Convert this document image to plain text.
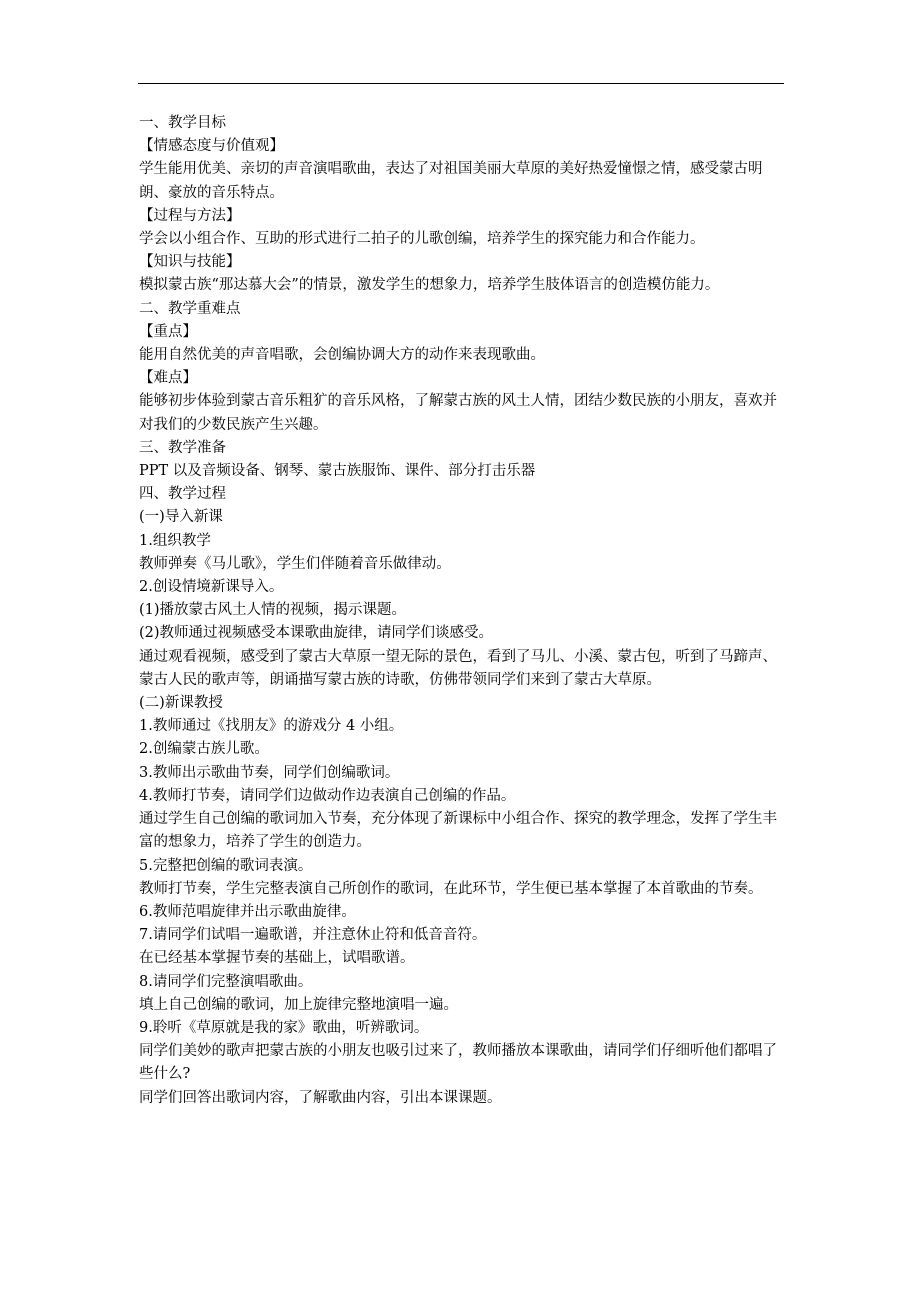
一、教学目标

【情感态度与价值观】

学生能用优美、亲切的声音演唱歌曲，表达了对祖国美丽大草原的美好热爱憧憬之情，感受蒙古明朗、豪放的音乐特点。

【过程与方法】

学会以小组合作、互助的形式进行二拍子的儿歌创编，培养学生的探究能力和合作能力。

【知识与技能】

模拟蒙古族“那达慕大会”的情景，激发学生的想象力，培养学生肢体语言的创造模仿能力。

二、教学重难点

【重点】

能用自然优美的声音唱歌，会创编协调大方的动作来表现歌曲。

【难点】

能够初步体验到蒙古音乐粗犷的音乐风格，了解蒙古族的风土人情，团结少数民族的小朋友，喜欢并对我们的少数民族产生兴趣。

三、教学准备

PPT 以及音频设备、钢琴、蒙古族服饰、课件、部分打击乐器

四、教学过程

(一)导入新课

1.组织教学

教师弹奏《马儿歌》，学生们伴随着音乐做律动。

2.创设情境新课导入。

(1)播放蒙古风土人情的视频，揭示课题。

(2)教师通过视频感受本课歌曲旋律，请同学们谈感受。

通过观看视频，感受到了蒙古大草原一望无际的景色，看到了马儿、小溪、蒙古包，听到了马蹄声、蒙古人民的歌声等，朗诵描写蒙古族的诗歌，仿佛带领同学们来到了蒙古大草原。

(二)新课教授

1.教师通过《找朋友》的游戏分 4 小组。

2.创编蒙古族儿歌。

3.教师出示歌曲节奏，同学们创编歌词。

4.教师打节奏，请同学们边做动作边表演自己创编的作品。

通过学生自己创编的歌词加入节奏，充分体现了新课标中小组合作、探究的教学理念，发挥了学生丰富的想象力，培养了学生的创造力。

5.完整把创编的歌词表演。

教师打节奏，学生完整表演自己所创作的歌词，在此环节，学生便已基本掌握了本首歌曲的节奏。

6.教师范唱旋律并出示歌曲旋律。

7.请同学们试唱一遍歌谱，并注意休止符和低音音符。

在已经基本掌握节奏的基础上，试唱歌谱。

8.请同学们完整演唱歌曲。

填上自己创编的歌词，加上旋律完整地演唱一遍。

9.聆听《草原就是我的家》歌曲，听辨歌词。

同学们美妙的歌声把蒙古族的小朋友也吸引过来了，教师播放本课歌曲，请同学们仔细听他们都唱了些什么?

同学们回答出歌词内容，了解歌曲内容，引出本课课题。
